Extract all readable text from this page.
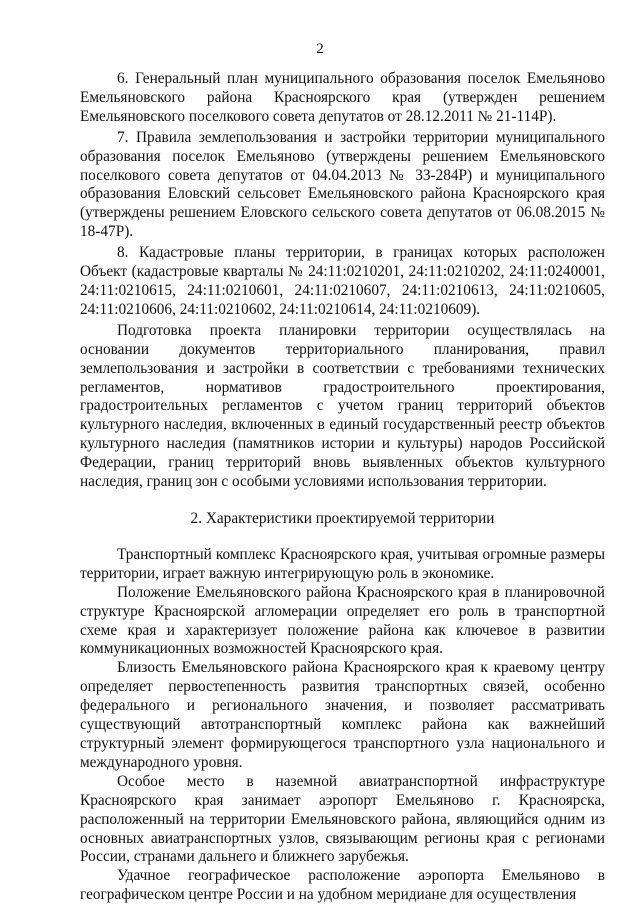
2

6. Генеральный план муниципального образования поселок Емельяново Емельяновского района Красноярского края (утвержден решением Емельяновского поселкового совета депутатов от 28.12.2011 № 21-114Р).

7. Правила землепользования и застройки территории муниципального образования поселок Емельяново (утверждены решением Емельяновского поселкового совета депутатов от 04.04.2013 № 33-284Р) и муниципального образования Еловский сельсовет Емельяновского района Красноярского края (утверждены решением Еловского сельского совета депутатов от 06.08.2015 № 18-47Р).

8. Кадастровые планы территории, в границах которых расположен Объект (кадастровые кварталы № 24:11:0210201, 24:11:0210202, 24:11:0240001, 24:11:0210615, 24:11:0210601, 24:11:0210607, 24:11:0210613, 24:11:0210605, 24:11:0210606, 24:11:0210602, 24:11:0210614, 24:11:0210609).

Подготовка проекта планировки территории осуществлялась на основании документов территориального планирования, правил землепользования и застройки в соответствии с требованиями технических регламентов, нормативов градостроительного проектирования, градостроительных регламентов с учетом границ территорий объектов культурного наследия, включенных в единый государственный реестр объектов культурного наследия (памятников истории и культуры) народов Российской Федерации, границ территорий вновь выявленных объектов культурного наследия, границ зон с особыми условиями использования территории.

2. Характеристики проектируемой территории

Транспортный комплекс Красноярского края, учитывая огромные размеры территории, играет важную интегрирующую роль в экономике.

Положение Емельяновского района Красноярского края в планировочной структуре Красноярской агломерации определяет его роль в транспортной схеме края и характеризует положение района как ключевое в развитии коммуникационных возможностей Красноярского края.

Близость Емельяновского района Красноярского края к краевому центру определяет первостепенность развития транспортных связей, особенно федерального и регионального значения, и позволяет рассматривать существующий автотранспортный комплекс района как важнейший структурный элемент формирующегося транспортного узла национального и международного уровня.

Особое место в наземной авиатранспортной инфраструктуре Красноярского края занимает аэропорт Емельяново г. Красноярска, расположенный на территории Емельяновского района, являющийся одним из основных авиатранспортных узлов, связывающим регионы края с регионами России, странами дальнего и ближнего зарубежья.

Удачное географическое расположение аэропорта Емельяново в географическом центре России и на удобном меридиане для осуществления
